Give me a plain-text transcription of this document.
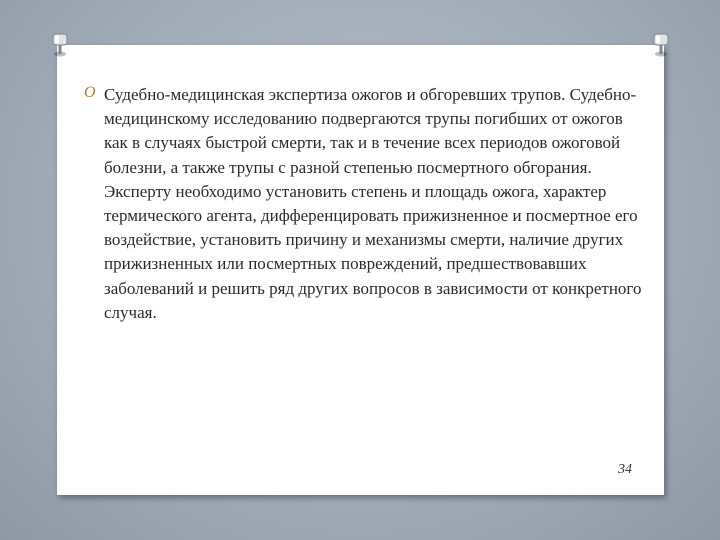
O Судебно-медицинская экспертиза ожогов и обгоревших трупов. Судебно-медицинскому исследованию подвергаются трупы погибших от ожогов как в случаях быстрой смерти, так и в течение всех периодов ожоговой болезни, а также трупы с разной степенью посмертного обгорания. Эксперту необходимо установить степень и площадь ожога, характер термического агента, дифференцировать прижизненное и посмертное его воздействие, установить причину и механизмы смерти, наличие других прижизненных или посмертных повреждений, предшествовавших заболеваний и решить ряд других вопросов в зависимости от конкретного случая.

34
